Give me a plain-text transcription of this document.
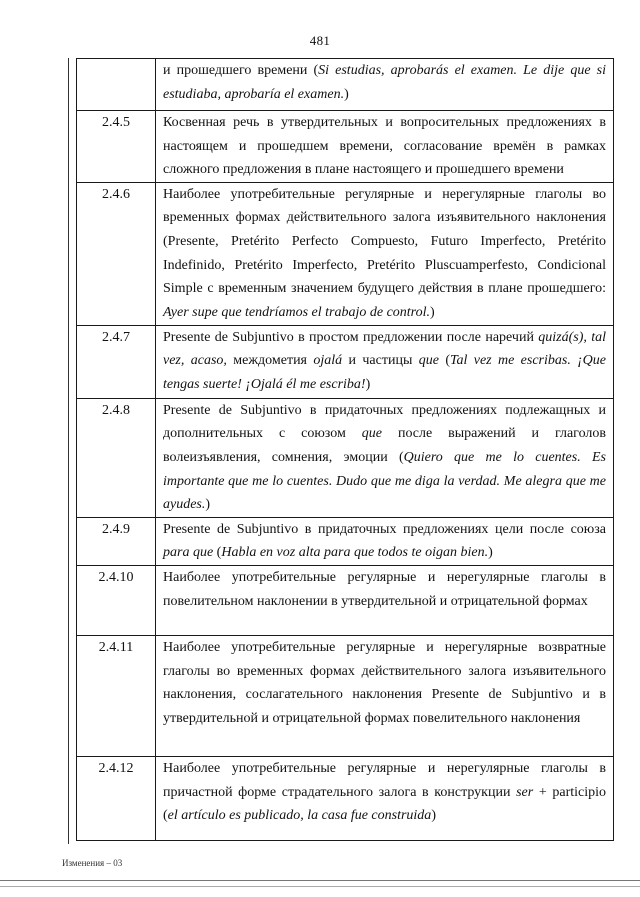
481
	и прошедшего времени (Si estudias, aprobarás el examen. Le dije que si estudiaba, aprobaría el examen.)
2.4.5	Косвенная речь в утвердительных и вопросительных предложениях в настоящем и прошедшем времени, согласование времён в рамках сложного предложения в плане настоящего и прошедшего времени
2.4.6	Наиболее употребительные регулярные и нерегулярные глаголы во временных формах действительного залога изъявительного наклонения (Presente, Pretérito Perfecto Compuesto, Futuro Imperfecto, Pretérito Indefinido, Pretérito Imperfecto, Pretérito Pluscuamperfesto, Condicional Simple с временным значением будущего действия в плане прошедшего: Ayer supe que tendríamos el trabajo de control.)
2.4.7	Presente de Subjuntivo в простом предложении после наречий quizá(s), tal vez, acaso, междометия ojalá и частицы que (Tal vez me escribas. ¡Que tengas suerte! ¡Ojalá él me escriba!)
2.4.8	Presente de Subjuntivo в придаточных предложениях подлежащных и дополнительных с союзом que после выражений и глаголов волеизъявления, сомнения, эмоции (Quiero que me lo cuentes. Es importante que me lo cuentes. Dudo que me diga la verdad. Me alegra que me ayudes.)
2.4.9	Presente de Subjuntivo в придаточных предложениях цели после союза para que (Habla en voz alta para que todos te oigan bien.)
2.4.10	Наиболее употребительные регулярные и нерегулярные глаголы в повелительном наклонении в утвердительной и отрицательной формах
2.4.11	Наиболее употребительные регулярные и нерегулярные возвратные глаголы во временных формах действительного залога изъявительного наклонения, сослагательного наклонения Presente de Subjuntivo и в утвердительной и отрицательной формах повелительного наклонения
2.4.12	Наиболее употребительные регулярные и нерегулярные глаголы в причастной форме страдательного залога в конструкции ser + participio (el artículo es publicado, la casa fue construida)
Изменения – 03
